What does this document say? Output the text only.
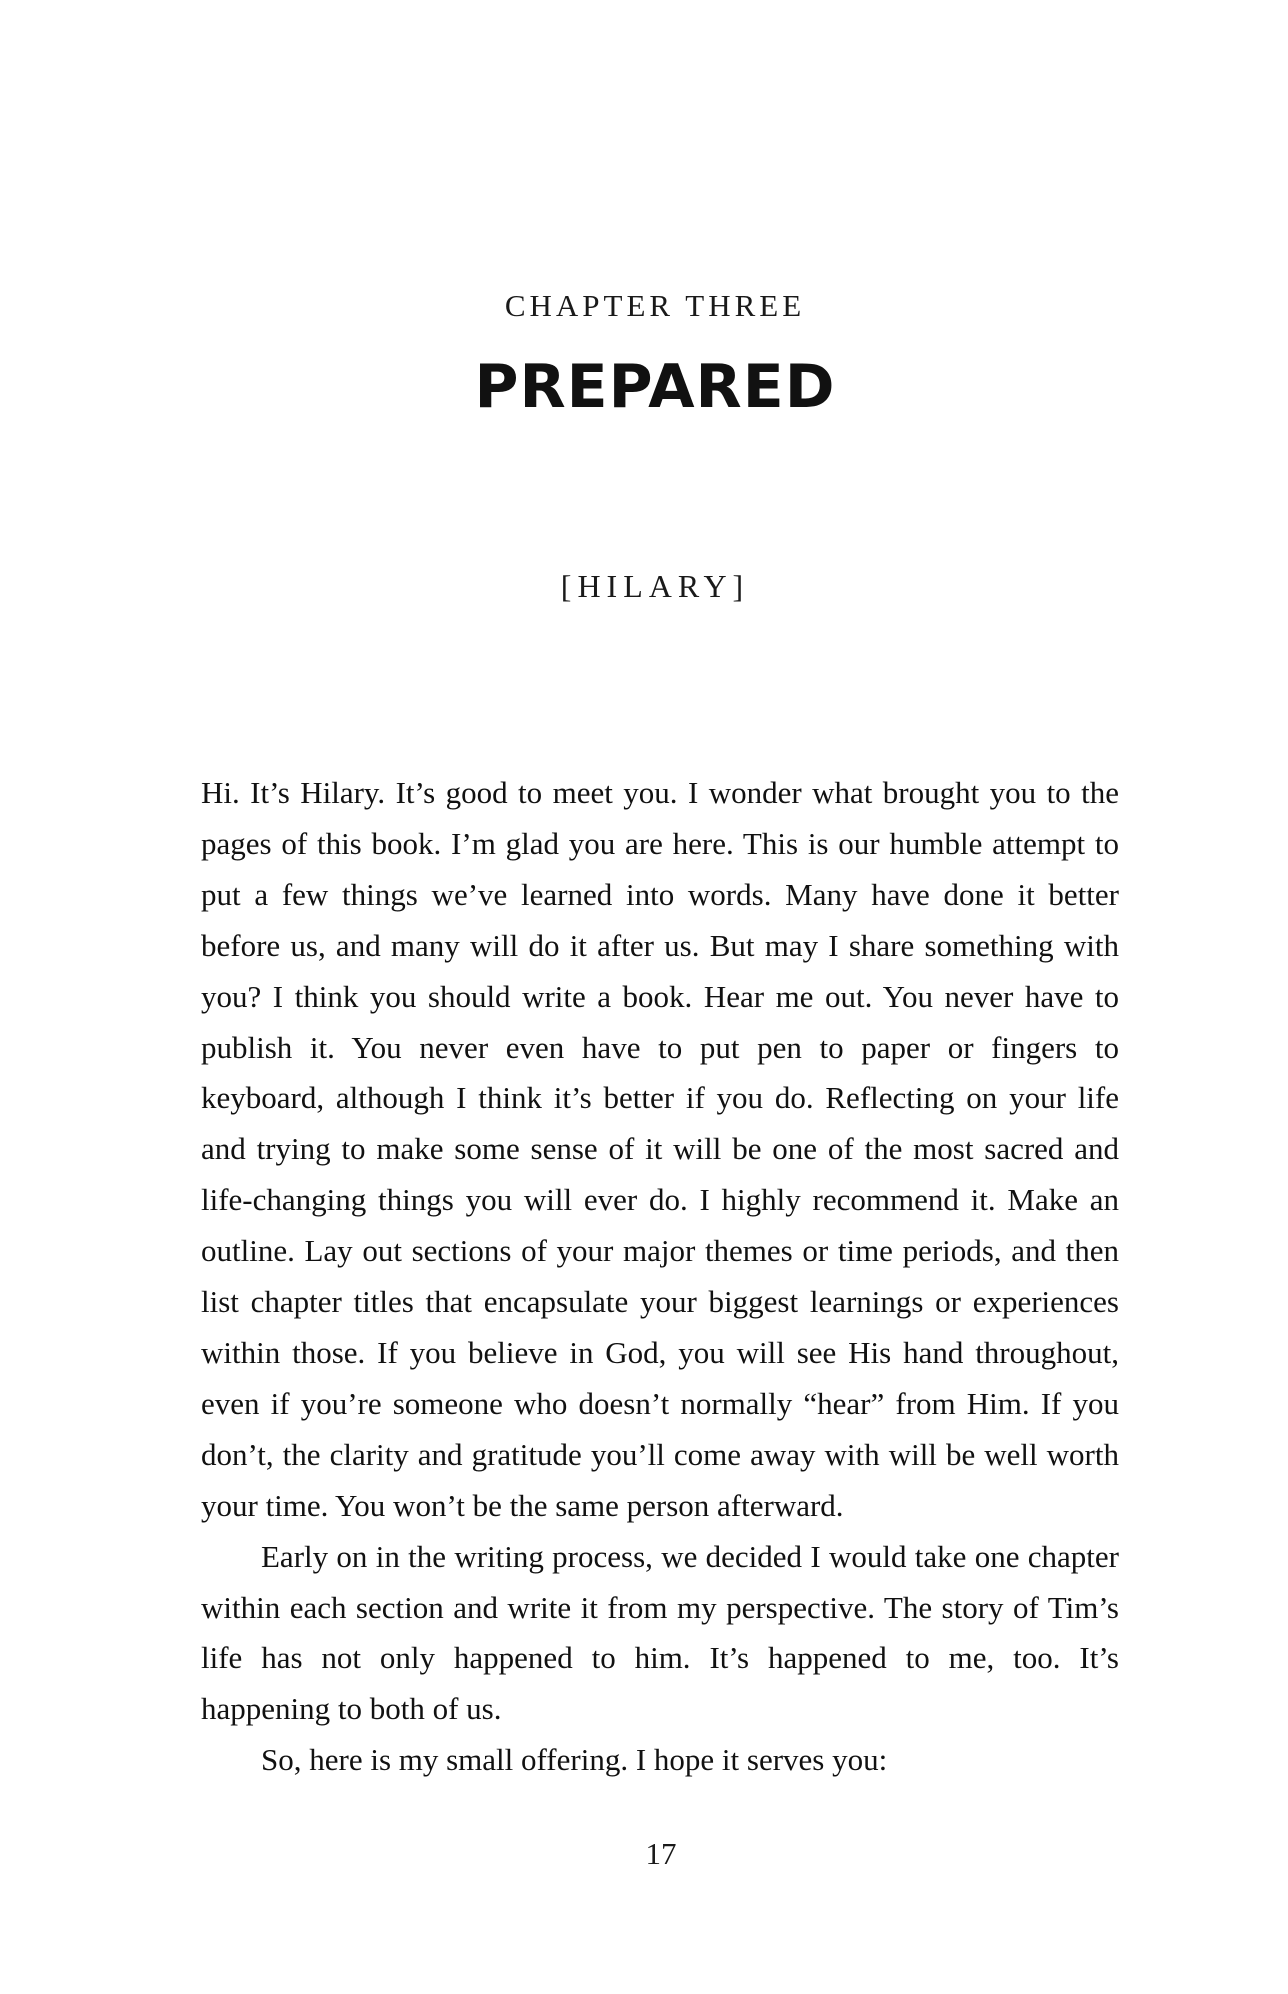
CHAPTER THREE
PREPARED
[HILARY]

Hi. It’s Hilary. It’s good to meet you. I wonder what brought you to the pages of this book. I’m glad you are here. This is our humble attempt to put a few things we’ve learned into words. Many have done it better before us, and many will do it after us. But may I share something with you? I think you should write a book. Hear me out. You never have to publish it. You never even have to put pen to paper or fingers to keyboard, although I think it’s better if you do. Reflecting on your life and trying to make some sense of it will be one of the most sacred and life-changing things you will ever do. I highly recommend it. Make an outline. Lay out sections of your major themes or time periods, and then list chapter titles that encapsulate your biggest learnings or experiences within those. If you believe in God, you will see His hand throughout, even if you’re someone who doesn’t normally “hear” from Him. If you don’t, the clarity and gratitude you’ll come away with will be well worth your time. You won’t be the same person afterward.

Early on in the writing process, we decided I would take one chapter within each section and write it from my perspective. The story of Tim’s life has not only happened to him. It’s happened to me, too. It’s happening to both of us.

So, here is my small offering. I hope it serves you:

17
